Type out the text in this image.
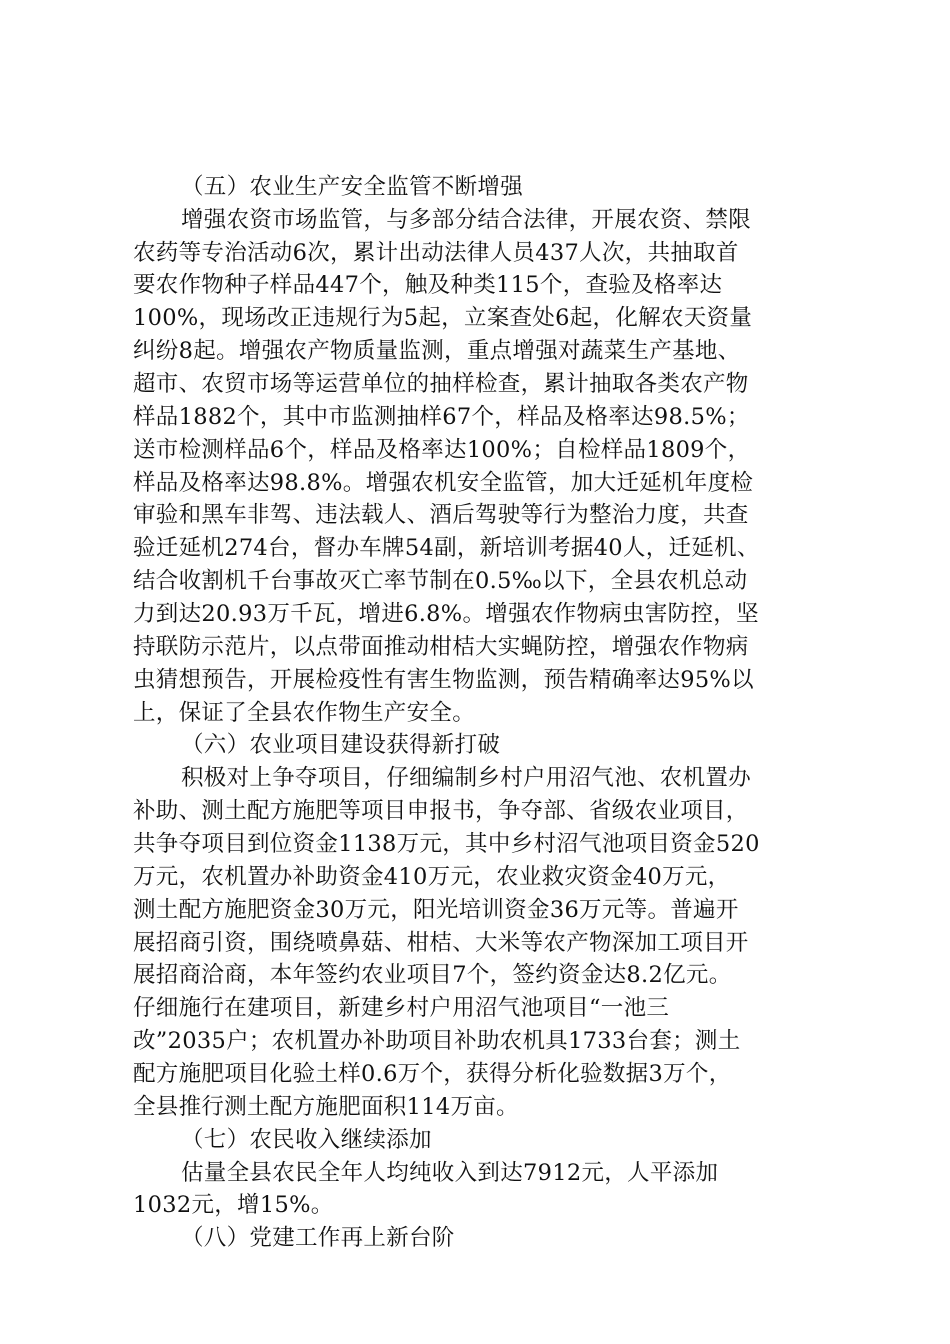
（五）农业生产安全监管不断增强

增强农资市场监管，与多部分结合法律，开展农资、禁限

农药等专治活动6次，累计出动法律人员437人次，共抽取首

要农作物种子样品447个，触及种类115个，查验及格率达

100%，现场改正违规行为5起，立案查处6起，化解农天资量

纠纷8起。增强农产物质量监测，重点增强对蔬菜生产基地、

超市、农贸市场等运营单位的抽样检查，累计抽取各类农产物

样品1882个，其中市监测抽样67个，样品及格率达98.5%；

送市检测样品6个，样品及格率达100%；自检样品1809个，

样品及格率达98.8%。增强农机安全监管，加大迁延机年度检

审验和黑车非驾、违法载人、酒后驾驶等行为整治力度，共查

验迁延机274台，督办车牌54副，新培训考据40人，迁延机、

结合收割机千台事故灭亡率节制在0.5‰以下，全县农机总动

力到达20.93万千瓦，增进6.8%。增强农作物病虫害防控，坚

持联防示范片，以点带面推动柑桔大实蝇防控，增强农作物病

虫猜想预告，开展检疫性有害生物监测，预告精确率达95%以

上，保证了全县农作物生产安全。

（六）农业项目建设获得新打破

积极对上争夺项目，仔细编制乡村户用沼气池、农机置办

补助、测土配方施肥等项目申报书，争夺部、省级农业项目，

共争夺项目到位资金1138万元，其中乡村沼气池项目资金520

万元，农机置办补助资金410万元，农业救灾资金40万元，

测土配方施肥资金30万元，阳光培训资金36万元等。普遍开

展招商引资，围绕喷鼻菇、柑桔、大米等农产物深加工项目开

展招商洽商，本年签约农业项目7个，签约资金达8.2亿元。

仔细施行在建项目，新建乡村户用沼气池项目“一池三

改”2035户；农机置办补助项目补助农机具1733台套；测土

配方施肥项目化验土样0.6万个，获得分析化验数据3万个，

全县推行测土配方施肥面积114万亩。

（七）农民收入继续添加

估量全县农民全年人均纯收入到达7912元，人平添加

1032元，增15%。

（八）党建工作再上新台阶
